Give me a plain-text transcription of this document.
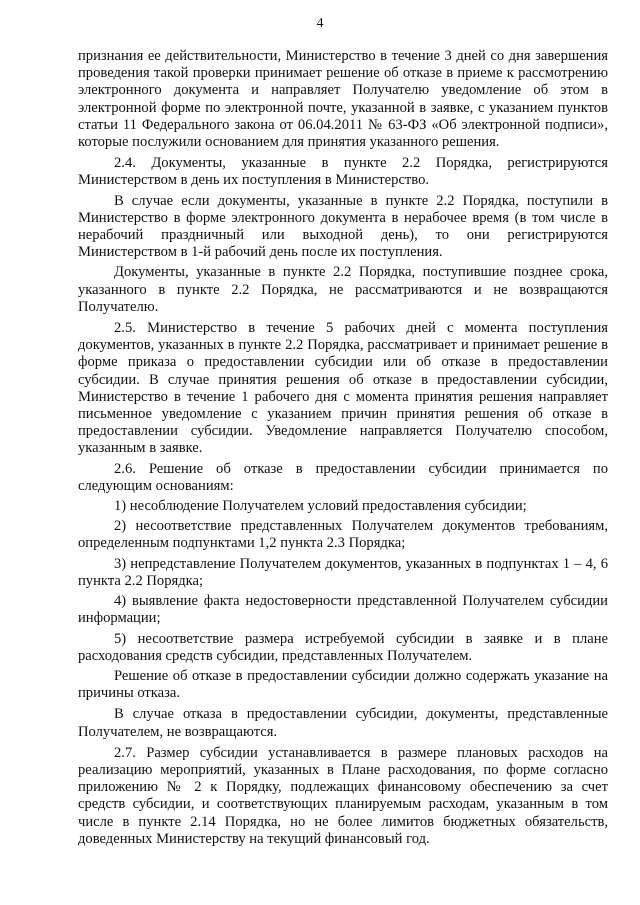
4

признания ее действительности, Министерство в течение 3 дней со дня завершения проведения такой проверки принимает решение об отказе в приеме к рассмотрению электронного документа и направляет Получателю уведомление об этом в электронной форме по электронной почте, указанной в заявке, с указанием пунктов статьи 11 Федерального закона от 06.04.2011 № 63-ФЗ «Об электронной подписи», которые послужили основанием для принятия указанного решения.

2.4. Документы, указанные в пункте 2.2 Порядка, регистрируются Министерством в день их поступления в Министерство.

В случае если документы, указанные в пункте 2.2 Порядка, поступили в Министерство в форме электронного документа в нерабочее время (в том числе в нерабочий праздничный или выходной день), то они регистрируются Министерством в 1-й рабочий день после их поступления.

Документы, указанные в пункте 2.2 Порядка, поступившие позднее срока, указанного в пункте 2.2 Порядка, не рассматриваются и не возвращаются Получателю.

2.5. Министерство в течение 5 рабочих дней с момента поступления документов, указанных в пункте 2.2 Порядка, рассматривает и принимает решение в форме приказа о предоставлении субсидии или об отказе в предоставлении субсидии. В случае принятия решения об отказе в предоставлении субсидии, Министерство в течение 1 рабочего дня с момента принятия решения направляет письменное уведомление с указанием причин принятия решения об отказе в предоставлении субсидии. Уведомление направляется Получателю способом, указанным в заявке.

2.6. Решение об отказе в предоставлении субсидии принимается по следующим основаниям:

1) несоблюдение Получателем условий предоставления субсидии;

2) несоответствие представленных Получателем документов требованиям, определенным подпунктами 1,2 пункта 2.3 Порядка;

3) непредставление Получателем документов, указанных в подпунктах 1 – 4, 6 пункта 2.2 Порядка;

4) выявление факта недостоверности представленной Получателем субсидии информации;

5) несоответствие размера истребуемой субсидии в заявке и в плане расходования средств субсидии, представленных Получателем.

Решение об отказе в предоставлении субсидии должно содержать указание на причины отказа.

В случае отказа в предоставлении субсидии, документы, представленные Получателем, не возвращаются.

2.7. Размер субсидии устанавливается в размере плановых расходов на реализацию мероприятий, указанных в Плане расходования, по форме согласно приложению № 2 к Порядку, подлежащих финансовому обеспечению за счет средств субсидии, и соответствующих планируемым расходам, указанным в том числе в пункте 2.14 Порядка, но не более лимитов бюджетных обязательств, доведенных Министерству на текущий финансовый год.
